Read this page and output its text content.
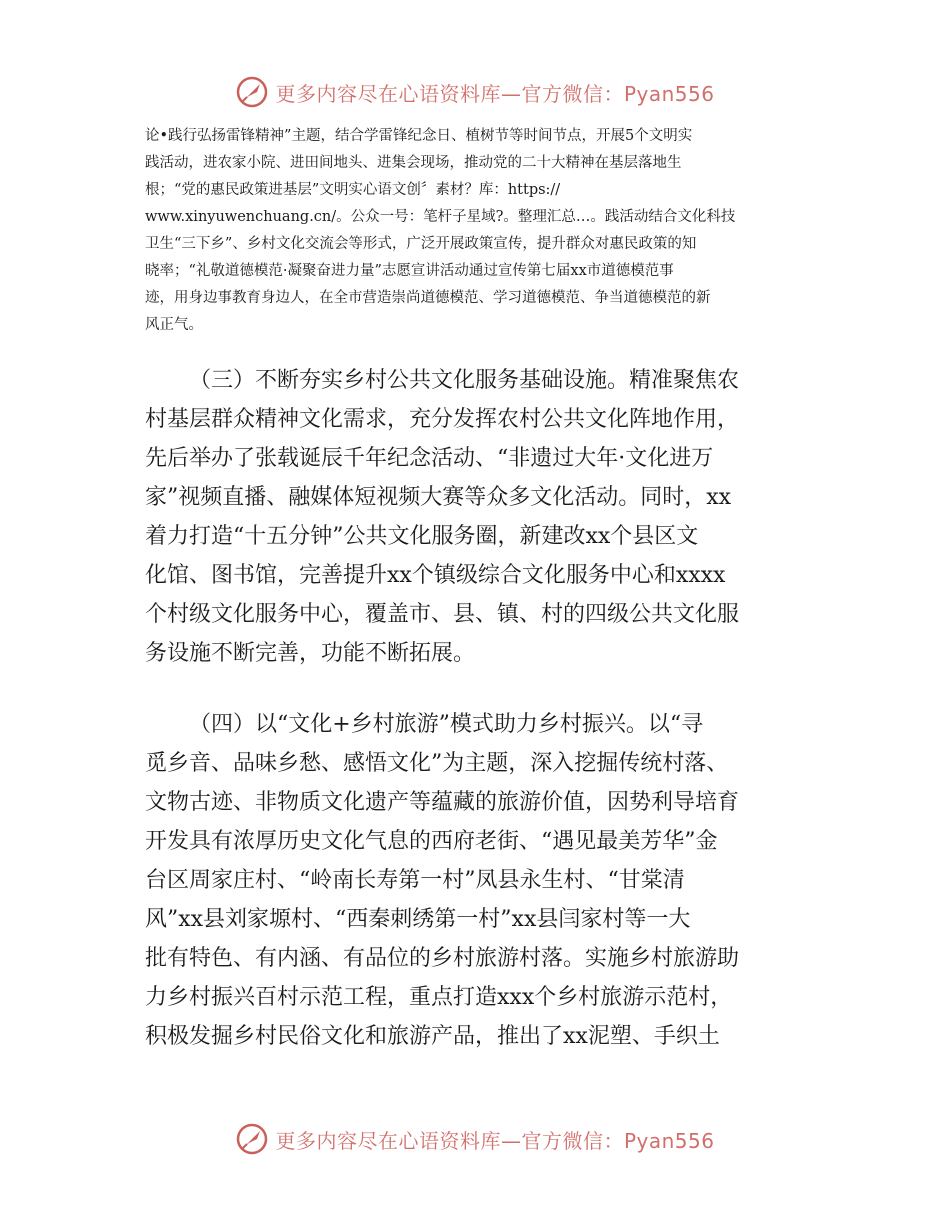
更多内容尽在心语资料库—官方微信：Pyan556
论•践行弘扬雷锋精神”主题，结合学雷锋纪念日、植树节等时间节点，开展5个文明实
践活动，进农家小院、进田间地头、进集会现场，推动党的二十大精神在基层落地生
根；“党的惠民政策进基层”文明实心语文创〞素材？库：https://
www.xinyuwenchuang.cn/。公众一号：笔杆子星域?。整理汇总…。践活动结合文化科技
卫生“三下乡”、乡村文化交流会等形式，广泛开展政策宣传，提升群众对惠民政策的知
晓率；“礼敬道德模范·凝聚奋进力量”志愿宣讲活动通过宣传第七届xx市道德模范事
迹，用身边事教育身边人，在全市营造崇尚道德模范、学习道德模范、争当道德模范的新
风正气。
（三）不断夯实乡村公共文化服务基础设施。精准聚焦农
村基层群众精神文化需求，充分发挥农村公共文化阵地作用，
先后举办了张载诞辰千年纪念活动、“非遗过大年·文化进万
家”视频直播、融媒体短视频大赛等众多文化活动。同时，xx
着力打造“十五分钟”公共文化服务圈，新建改xx个县区文
化馆、图书馆，完善提升xx个镇级综合文化服务中心和xxxx
个村级文化服务中心，覆盖市、县、镇、村的四级公共文化服
务设施不断完善，功能不断拓展。
（四）以“文化+乡村旅游”模式助力乡村振兴。以“寻
觅乡音、品味乡愁、感悟文化”为主题，深入挖掘传统村落、
文物古迹、非物质文化遗产等蕴藏的旅游价值，因势利导培育
开发具有浓厚历史文化气息的西府老街、“遇见最美芳华”金
台区周家庄村、“岭南长寿第一村”凤县永生村、“甘棠清
风”xx县刘家塬村、“西秦刺绣第一村”xx县闫家村等一大
批有特色、有内涵、有品位的乡村旅游村落。实施乡村旅游助
力乡村振兴百村示范工程，重点打造xxx个乡村旅游示范村，
积极发掘乡村民俗文化和旅游产品，推出了xx泥塑、手织土
更多内容尽在心语资料库—官方微信：Pyan556
